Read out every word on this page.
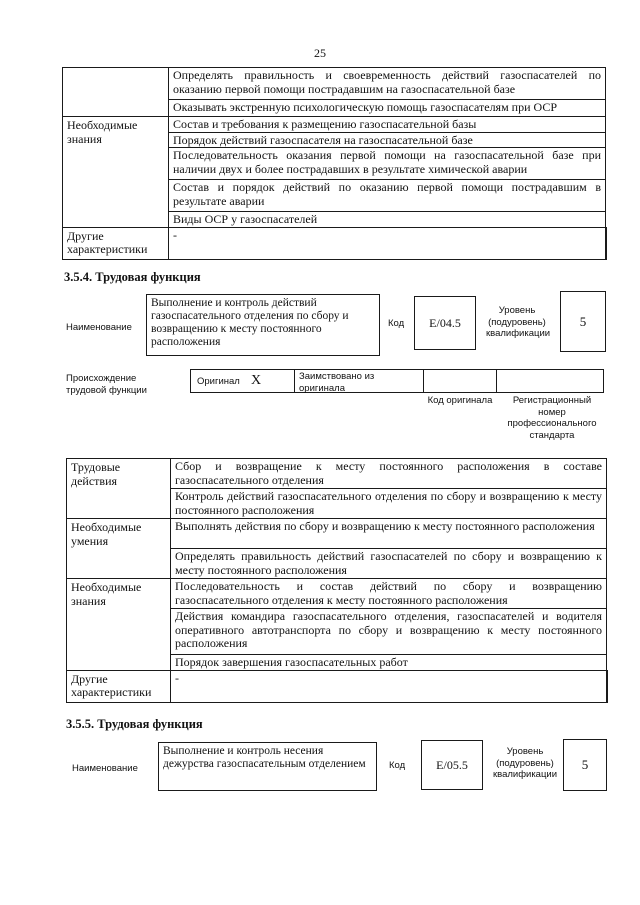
25
	Определять правильность и своевременность действий газоспасателей по оказанию первой помощи пострадавшим на газоспасательной базе
	Оказывать экстренную психологическую помощь газоспасателям при ОСР
Необходимые знания	Состав и требования к размещению газоспасательной базы
	Порядок действий газоспасателя на газоспасательной базе
	Последовательность оказания первой помощи на газоспасательной базе при наличии двух и более пострадавших в результате химической аварии
	Состав и порядок действий по оказанию первой помощи пострадавшим в результате аварии
	Виды ОСР у газоспасателей
Другие характеристики	-
3.5.4. Трудовая функция
Наименование
Выполнение и контроль действий газоспасательного отделения по сбору и возвращению к месту постоянного расположения
Код	E/04.5
Уровень (подуровень) квалификации
5
Происхождение трудовой функции
Оригинал X	Заимствовано из оригинала
Код оригинала	Регистрационный номер профессионального стандарта
Трудовые действия	Сбор и возвращение к месту постоянного расположения в составе газоспасательного отделения
	Контроль действий газоспасательного отделения по сбору и возвращению к месту постоянного расположения
Необходимые умения	Выполнять действия по сбору и возвращению к месту постоянного расположения
	Определять правильность действий газоспасателей по сбору и возвращению к месту постоянного расположения
Необходимые знания	Последовательность и состав действий по сбору и возвращению газоспасательного отделения к месту постоянного расположения
	Действия командира газоспасательного отделения, газоспасателей и водителя оперативного автотранспорта по сбору и возвращению к месту постоянного расположения
	Порядок завершения газоспасательных работ
Другие характеристики	-
3.5.5. Трудовая функция
Наименование
Выполнение и контроль несения дежурства газоспасательным отделением	Код	E/05.5
Уровень (подуровень) квалификации
5
